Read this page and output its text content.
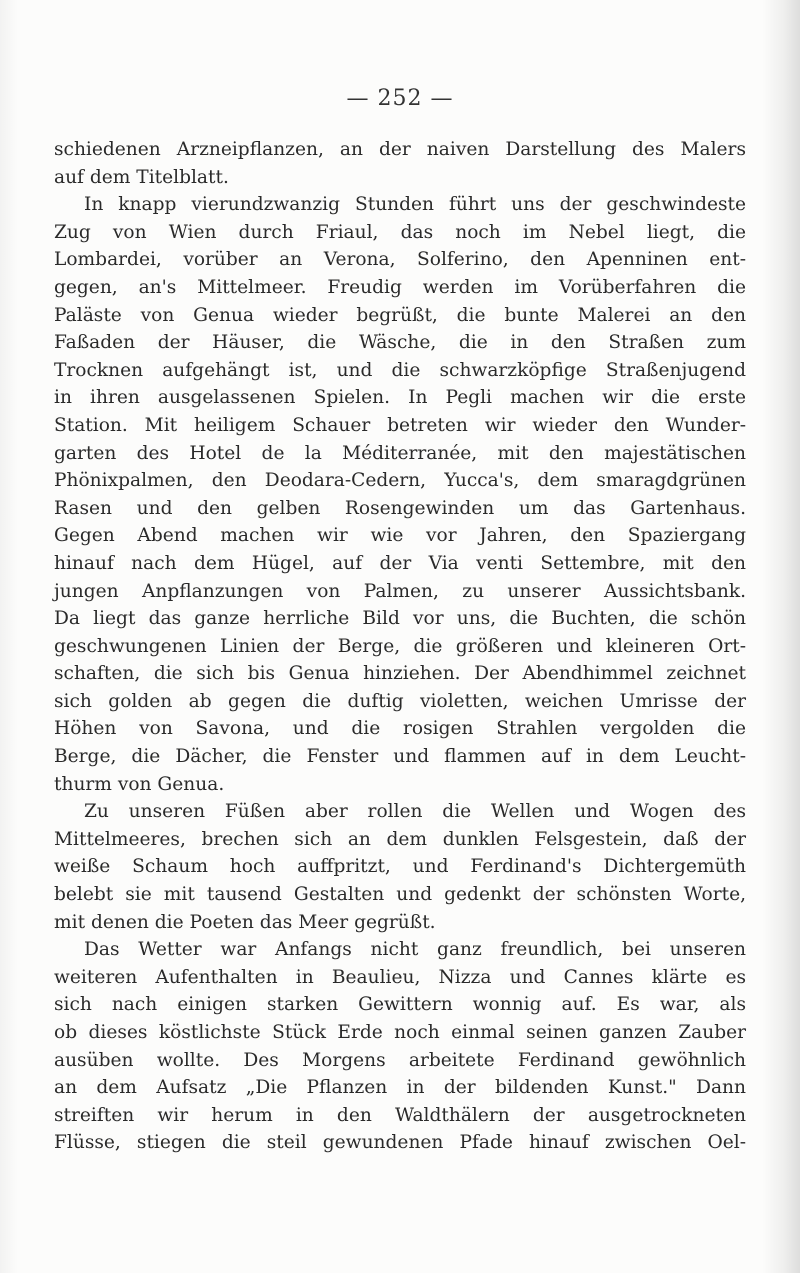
— 252 —
schiedenen Arzneipflanzen, an der naiven Darstellung des Malers
auf dem Titelblatt.
In knapp vierundzwanzig Stunden führt uns der geschwindeste
Zug von Wien durch Friaul, das noch im Nebel liegt, die
Lombardei, vorüber an Verona, Solferino, den Apenninen ent-
gegen, an's Mittelmeer. Freudig werden im Vorüberfahren die
Paläste von Genua wieder begrüßt, die bunte Malerei an den
Faßaden der Häuser, die Wäsche, die in den Straßen zum
Trocknen aufgehängt ist, und die schwarzköpfige Straßenjugend
in ihren ausgelassenen Spielen. In Pegli machen wir die erste
Station. Mit heiligem Schauer betreten wir wieder den Wunder-
garten des Hotel de la Méditerranée, mit den majestätischen
Phönixpalmen, den Deodara-Cedern, Yucca's, dem smaragdgrünen
Rasen und den gelben Rosengewinden um das Gartenhaus.
Gegen Abend machen wir wie vor Jahren, den Spaziergang
hinauf nach dem Hügel, auf der Via venti Settembre, mit den
jungen Anpflanzungen von Palmen, zu unserer Aussichtsbank.
Da liegt das ganze herrliche Bild vor uns, die Buchten, die schön
geschwungenen Linien der Berge, die größeren und kleineren Ort-
schaften, die sich bis Genua hinziehen. Der Abendhimmel zeichnet
sich golden ab gegen die duftig violetten, weichen Umrisse der
Höhen von Savona, und die rosigen Strahlen vergolden die
Berge, die Dächer, die Fenster und flammen auf in dem Leucht-
thurm von Genua.
Zu unseren Füßen aber rollen die Wellen und Wogen des
Mittelmeeres, brechen sich an dem dunklen Felsgestein, daß der
weiße Schaum hoch auffpritzt, und Ferdinand's Dichtergemüth
belebt sie mit tausend Gestalten und gedenkt der schönsten Worte,
mit denen die Poeten das Meer gegrüßt.
Das Wetter war Anfangs nicht ganz freundlich, bei unseren
weiteren Aufenthalten in Beaulieu, Nizza und Cannes klärte es
sich nach einigen starken Gewittern wonnig auf. Es war, als
ob dieses köstlichste Stück Erde noch einmal seinen ganzen Zauber
ausüben wollte. Des Morgens arbeitete Ferdinand gewöhnlich
an dem Aufsatz „Die Pflanzen in der bildenden Kunst." Dann
streiften wir herum in den Waldthälern der ausgetrockneten
Flüsse, stiegen die steil gewundenen Pfade hinauf zwischen Oel-
